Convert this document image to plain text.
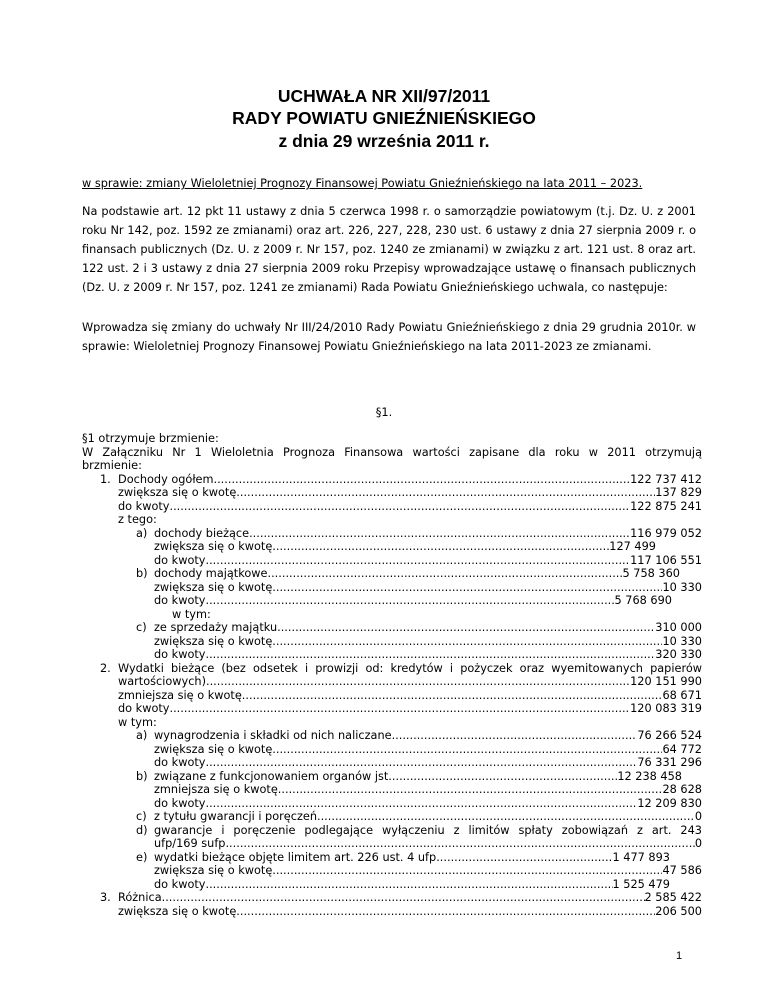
UCHWAŁA NR XII/97/2011
RADY POWIATU GNIEŹNIEŃSKIEGO
z dnia 29 września 2011 r.
w sprawie: zmiany Wieloletniej Prognozy Finansowej Powiatu Gnieźnieńskiego na lata 2011 – 2023.
Na podstawie art. 12 pkt 11 ustawy z dnia 5 czerwca 1998 r. o samorządzie powiatowym (t.j. Dz. U. z 2001 roku Nr 142, poz. 1592 ze zmianami) oraz art. 226, 227, 228, 230 ust. 6 ustawy z dnia 27 sierpnia 2009 r. o finansach publicznych (Dz. U. z 2009 r. Nr 157, poz. 1240 ze zmianami) w związku z art. 121 ust. 8 oraz art. 122 ust. 2 i 3 ustawy z dnia 27 sierpnia 2009 roku Przepisy wprowadzające ustawę o finansach publicznych (Dz. U. z 2009 r. Nr 157, poz. 1241 ze zmianami) Rada Powiatu Gnieźnieńskiego uchwala, co następuje:
Wprowadza się zmiany do uchwały Nr III/24/2010 Rady Powiatu Gnieźnieńskiego z dnia 29 grudnia 2010r. w sprawie: Wieloletniej Prognozy Finansowej Powiatu Gnieźnieńskiego na lata 2011-2023 ze zmianami.
§1.
§1 otrzymuje brzmienie:
W Załączniku Nr 1 Wieloletnia Prognoza Finansowa wartości zapisane dla roku w 2011 otrzymują
brzmienie:
1. Dochody ogółem .....	122 737 412
zwiększa się o kwotę .....	137 829
do kwoty .....	122 875 241
z tego:
a) dochody bieżące .....	116 979 052
zwiększa się o kwotę .....	127 499
do kwoty .....	117 106 551
b) dochody majątkowe .....	5 758 360
zwiększa się o kwotę .....	10 330
do kwoty .....	5 768 690
w tym:
c) ze sprzedaży majątku .....	310 000
zwiększa się o kwotę .....	10 330
do kwoty .....	320 330
2. Wydatki bieżące (bez odsetek i prowizji od: kredytów i pożyczek oraz wyemitowanych papierów
wartościowych) .....	120 151 990
zmniejsza się o kwotę .....	68 671
do kwoty .....	120 083 319
w tym:
a) wynagrodzenia i składki od nich naliczane .....	76 266 524
zwiększa się o kwotę .....	64 772
do kwoty .....	76 331 296
b) związane z funkcjonowaniem organów jst .....	12 238 458
zmniejsza się o kwotę .....	28 628
do kwoty .....	12 209 830
c) z tytułu gwarancji i poręczeń .....	0
d) gwarancje i poręczenie podlegające wyłączeniu z limitów spłaty zobowiązań z art. 243
ufp/169 sufp .....	0
e) wydatki bieżące objęte limitem art. 226 ust. 4 ufp .....	1 477 893
zwiększa się o kwotę .....	47 586
do kwoty .....	1 525 479
3. Różnica .....	2 585 422
zwiększa się o kwotę .....	206 500
1
